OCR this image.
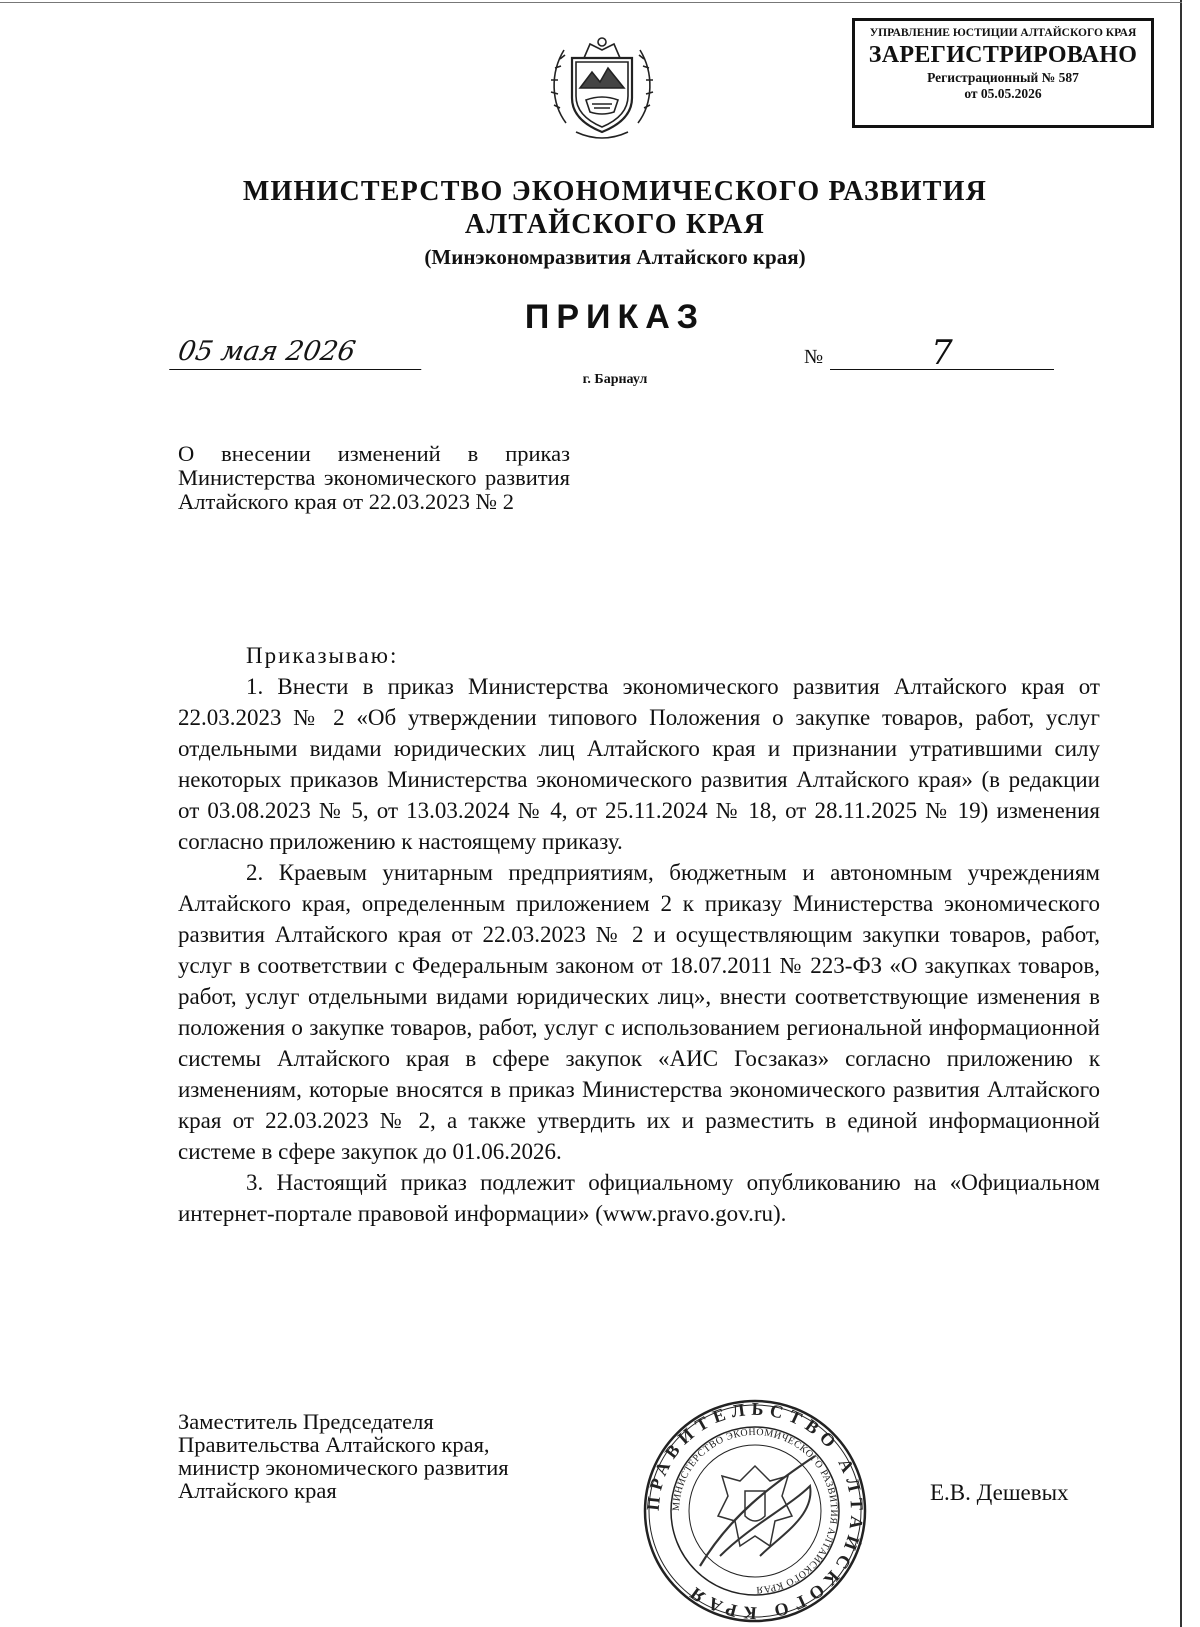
УПРАВЛЕНИЕ ЮСТИЦИИ АЛТАЙСКОГО КРАЯ
ЗАРЕГИСТРИРОВАНО
Регистрационный № 587
от 05.05.2026
МИНИСТЕРСТВО ЭКОНОМИЧЕСКОГО РАЗВИТИЯ
АЛТАЙСКОГО КРАЯ
(Минэкономразвития Алтайского края)
ПРИКАЗ
05 мая 2026	№	7
г. Барнаул

О внесении изменений в приказ Министерства экономического развития Алтайского края от 22.03.2023 № 2

Приказываю:

1. Внести в приказ Министерства экономического развития Алтайского края от 22.03.2023 № 2 «Об утверждении типового Положения о закупке товаров, работ, услуг отдельными видами юридических лиц Алтайского края и признании утратившими силу некоторых приказов Министерства экономического развития Алтайского края» (в редакции от 03.08.2023 № 5, от 13.03.2024 № 4, от 25.11.2024 № 18, от 28.11.2025 № 19) изменения согласно приложению к настоящему приказу.

2. Краевым унитарным предприятиям, бюджетным и автономным учреждениям Алтайского края, определенным приложением 2 к приказу Министерства экономического развития Алтайского края от 22.03.2023 № 2 и осуществляющим закупки товаров, работ, услуг в соответствии с Федеральным законом от 18.07.2011 № 223-ФЗ «О закупках товаров, работ, услуг отдельными видами юридических лиц», внести соответствующие изменения в положения о закупке товаров, работ, услуг с использованием региональной информационной системы Алтайского края в сфере закупок «АИС Госзаказ» согласно приложению к изменениям, которые вносятся в приказ Министерства экономического развития Алтайского края от 22.03.2023 № 2, а также утвердить их и разместить в единой информационной системе в сфере закупок до 01.06.2026.

3. Настоящий приказ подлежит официальному опубликованию на «Официальном интернет-портале правовой информации» (www.pravo.gov.ru).

Заместитель Председателя
Правительства Алтайского края,
министр экономического развития
Алтайского края	ПРАВИТЕЛЬСТВО АЛТАЙСКОГО КРАЯ
МИНИСТЕРСТВО ЭКОНОМИЧЕСКОГО РАЗВИТИЯ АЛТАЙСКОГО КРАЯ
Е.В. Дешевых
